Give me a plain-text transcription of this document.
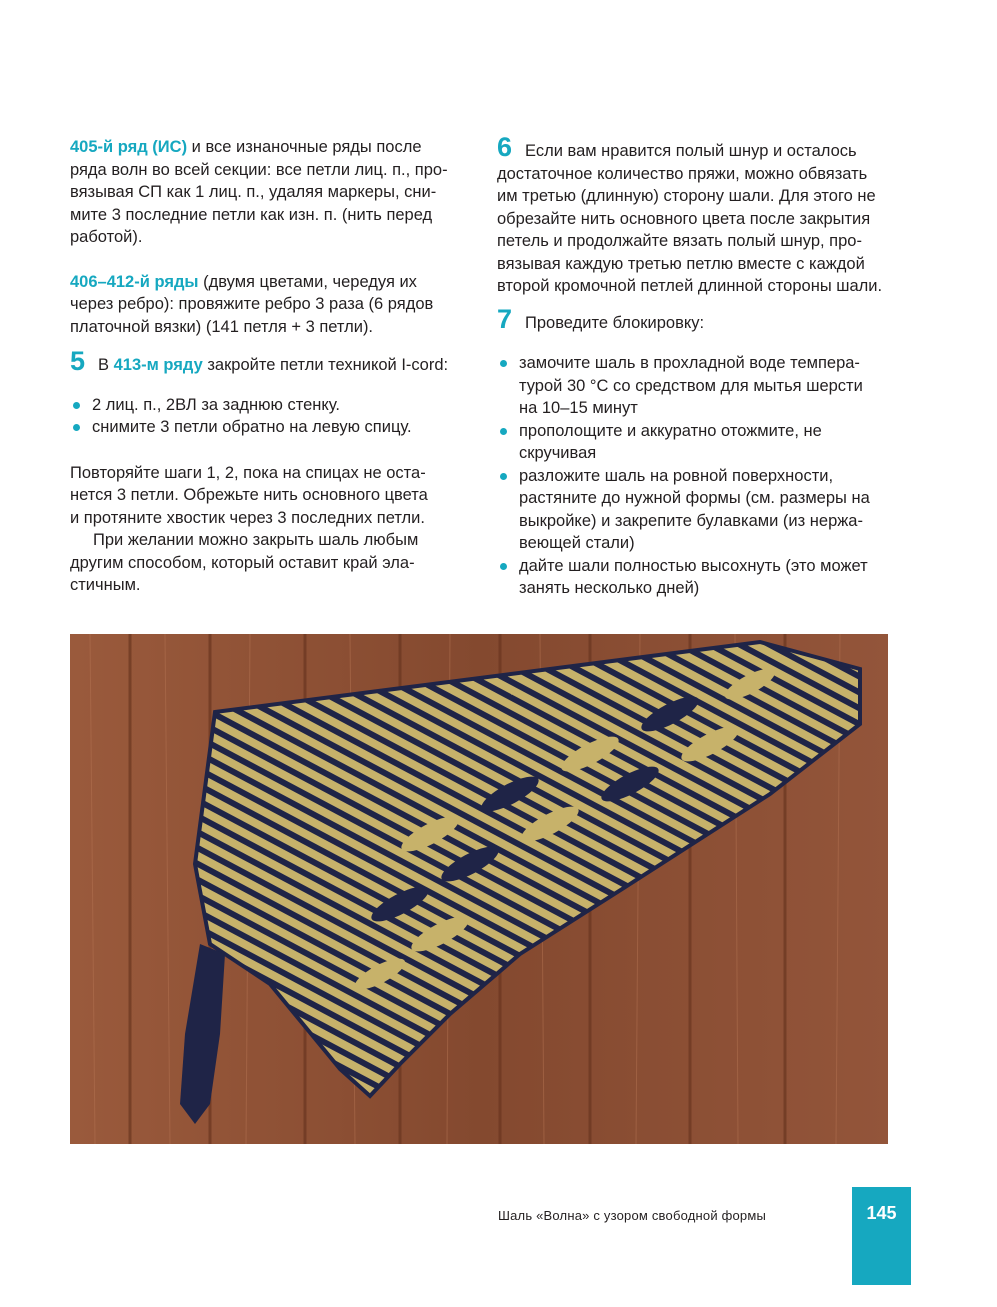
405-й ряд (ИС) и все изнаночные ряды после
ряда волн во всей секции: все петли лиц. п., про-
вязывая СП как 1 лиц. п., удаляя маркеры, сни-
мите 3 последние петли как изн. п. (нить перед
работой).

406–412-й ряды (двумя цветами, чередуя их
через ребро): провяжите ребро 3 раза (6 рядов
платочной вязки) (141 петля + 3 петли).

5 В 413-м ряду закройте петли техникой I-cord:

2 лиц. п., 2ВЛ за заднюю стенку.
снимите 3 петли обратно на левую спицу.

Повторяйте шаги 1, 2, пока на спицах не оста-
нется 3 петли. Обрежьте нить основного цвета
и протяните хвостик через 3 последних петли.

При желании можно закрыть шаль любым
другим способом, который оставит край эла-
стичным.

6 Если вам нравится полый шнур и осталось
достаточное количество пряжи, можно обвязать
им третью (длинную) сторону шали. Для этого не
обрезайте нить основного цвета после закрытия
петель и продолжайте вязать полый шнур, про-
вязывая каждую третью петлю вместе с каждой
второй кромочной петлей длинной стороны шали.

7 Проведите блокировку:

замочите шаль в прохладной воде темпера-
турой 30 °С со средством для мытья шерсти
на 10–15 минут
прополощите и аккуратно отожмите, не
скручивая
разложите шаль на ровной поверхности,
растяните до нужной формы (см. размеры на
выкройке) и закрепите булавками (из нержа-
веющей стали)
дайте шали полностью высохнуть (это может
занять несколько дней)
Шаль «Волна» с узором свободной формы	145
